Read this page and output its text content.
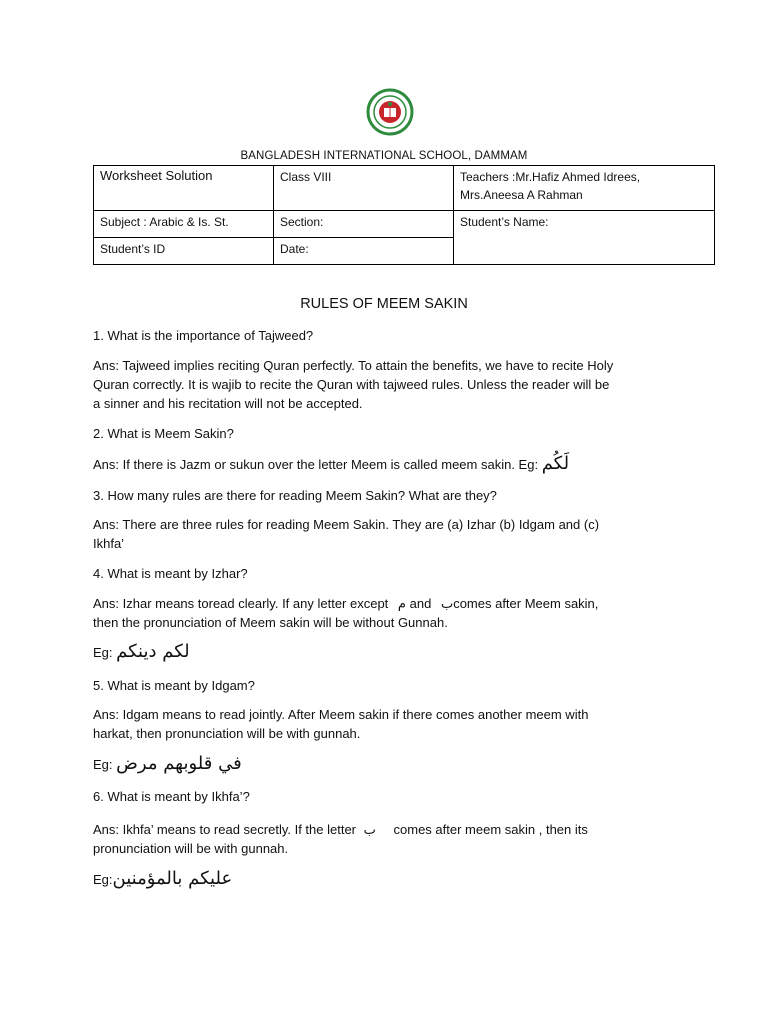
BANGLADESH INTERNATIONAL SCHOOL, DAMMAM
Worksheet Solution	Class VIII	Teachers :Mr.Hafiz Ahmed Idrees,
Mrs.Aneesa A Rahman

Subject : Arabic & Is. St.	Section:	Student’s Name:
Student’s ID	Date:	
RULES OF MEEM SAKIN

1. What is the importance of Tajweed?

Ans: Tajweed implies reciting Quran perfectly. To attain the benefits, we have to recite Holy

Quran correctly. It is wajib to recite the Quran with tajweed rules. Unless the reader will be

a sinner and his recitation will not be accepted.

2. What is Meem Sakin?

Ans: If there is Jazm or sukun over the letter Meem is called meem sakin. Eg: لَكُم

3. How many rules are there for reading Meem Sakin? What are they?

Ans: There are three rules for reading Meem Sakin. They are (a) Izhar (b) Idgam and (c)

Ikhfa’

4. What is meant by Izhar?

Ans: Izhar means toread clearly. If any letter except م and بcomes after Meem sakin,

then the pronunciation of Meem sakin will be without Gunnah.

Eg: لكم دينكم

5. What is meant by Idgam?

Ans: Idgam means to read jointly. After Meem sakin if there comes another meem with

harkat, then pronunciation will be with gunnah.

Eg: في قلوبهم مرض

6. What is meant by Ikhfa’?

Ans: Ikhfa’ means to read secretly. If the letter ب comes after meem sakin , then its

pronunciation will be with gunnah.

Eg:عليكم بالمؤمنين
